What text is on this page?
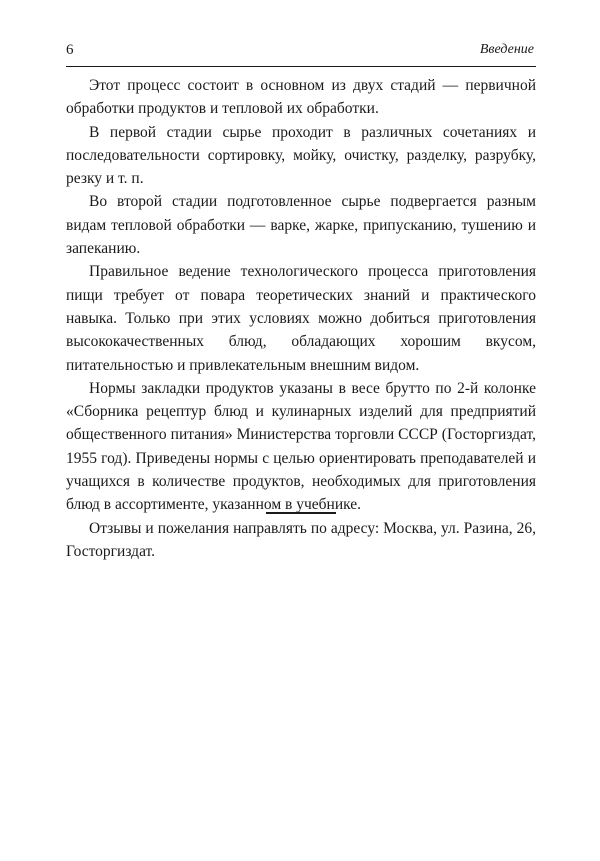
6	Введение

Этот процесс состоит в основном из двух стадий — первичной обработки продуктов и тепловой их обработки.

В первой стадии сырье проходит в различных сочетаниях и последовательности сортировку, мойку, очистку, разделку, разрубку, резку и т. п.

Во второй стадии подготовленное сырье подвергается разным видам тепловой обработки — варке, жарке, припусканию, тушению и запеканию.

Правильное ведение технологического процесса приготовления пищи требует от повара теоретических знаний и практического навыка. Только при этих условиях можно добиться приготовления высококачественных блюд, обладающих хорошим вкусом, питательностью и привлекательным внешним видом.

Нормы закладки продуктов указаны в весе брутто по 2-й колонке «Сборника рецептур блюд и кулинарных изделий для предприятий общественного питания» Министерства торговли СССР (Госторгиздат, 1955 год). Приведены нормы с целью ориентировать преподавателей и учащихся в количестве продуктов, необходимых для приготовления блюд в ассортименте, указанном в учебнике.

Отзывы и пожелания направлять по адресу: Москва, ул. Разина, 26, Госторгиздат.
